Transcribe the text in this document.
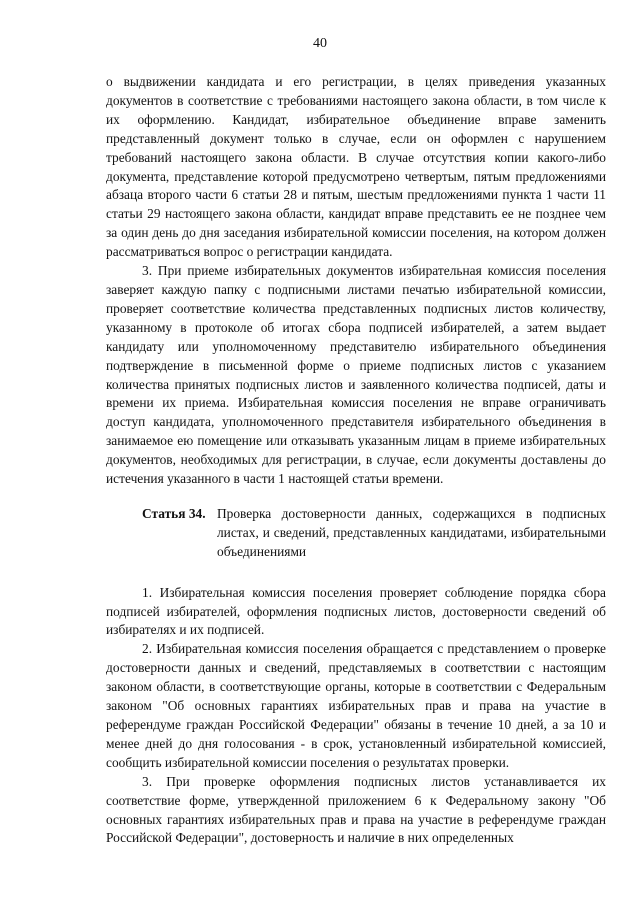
40

о выдвижении кандидата и его регистрации, в целях приведения указанных документов в соответствие с требованиями настоящего закона области, в том числе к их оформлению. Кандидат, избирательное объединение вправе заменить представленный документ только в случае, если он оформлен с нарушением требований настоящего закона области. В случае отсутствия копии какого-либо документа, представление которой предусмотрено четвертым, пятым предложениями абзаца второго части 6 статьи 28 и пятым, шестым предложениями пункта 1 части 11 статьи 29 настоящего закона области, кандидат вправе представить ее не позднее чем за один день до дня заседания избирательной комиссии поселения, на котором должен рассматриваться вопрос о регистрации кандидата.

3. При приеме избирательных документов избирательная комиссия поселения заверяет каждую папку с подписными листами печатью избирательной комиссии, проверяет соответствие количества представленных подписных листов количеству, указанному в протоколе об итогах сбора подписей избирателей, а затем выдает кандидату или уполномоченному представителю избирательного объединения подтверждение в письменной форме о приеме подписных листов с указанием количества принятых подписных листов и заявленного количества подписей, даты и времени их приема. Избирательная комиссия поселения не вправе ограничивать доступ кандидата, уполномоченного представителя избирательного объединения в занимаемое ею помещение или отказывать указанным лицам в приеме избирательных документов, необходимых для регистрации, в случае, если документы доставлены до истечения указанного в части 1 настоящей статьи времени.

Статья 34. Проверка достоверности данных, содержащихся в подписных листах, и сведений, представленных кандидатами, избирательными объединениями

1. Избирательная комиссия поселения проверяет соблюдение порядка сбора подписей избирателей, оформления подписных листов, достоверности сведений об избирателях и их подписей.

2. Избирательная комиссия поселения обращается с представлением о проверке достоверности данных и сведений, представляемых в соответствии с настоящим законом области, в соответствующие органы, которые в соответствии с Федеральным законом "Об основных гарантиях избирательных прав и права на участие в референдуме граждан Российской Федерации" обязаны в течение 10 дней, а за 10 и менее дней до дня голосования - в срок, установленный избирательной комиссией, сообщить избирательной комиссии поселения о результатах проверки.

3. При проверке оформления подписных листов устанавливается их соответствие форме, утвержденной приложением 6 к Федеральному закону "Об основных гарантиях избирательных прав и права на участие в референдуме граждан Российской Федерации", достоверность и наличие в них определенных
